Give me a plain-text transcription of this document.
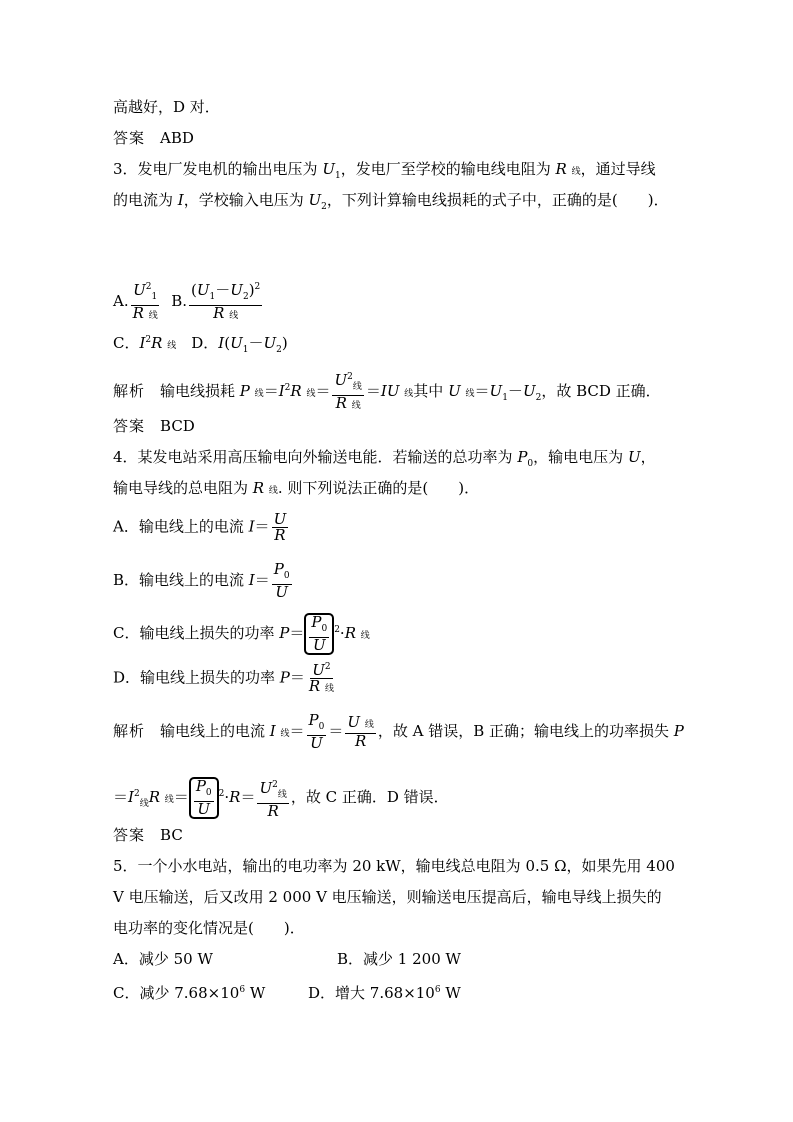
高越好，D 对．
答案　ABD
3．发电厂发电机的输出电压为 $U_1$，发电厂至学校的输电线电阻为 R 线，通过导线
的电流为 I，学校输入电压为 $U_2$，下列计算输电线损耗的式子中，正确的是(　　)．
A. $\frac{U^2_1}{\text{R 线}} B$. $\frac{(U_1-U_2)^2}{\text{R 线}}$
C．$I^2R$ 线　D．$I(U_1-U_2)$
解析　输电线损耗 P 线$=I^2R$ 线＝ $\frac{U^2_线}{\text{R 线}} =IU$ 线其中 U 线$=U_1-U_2$，故 BCD 正确．
答案　BCD
4．某发电站采用高压输电向外输送电能．若输送的总功率为 $P_0$，输电电压为 U，
输电导线的总电阻为 R 线. 则下列说法正确的是(　　)．
A．输电线上的电流 $I= \frac{U}{R}$
B．输电线上的电流 $I= \frac{P_0}{U}$
C．输电线上损失的功率 $P= \frac{P_0}{U} ^2\cdot R$ 线
D．输电线上损失的功率 $P= \frac{U^2}{\text{R 线}}$
解析　输电线上的电流 I 线＝ $\frac{P_0}{U} = \frac{\text{U 线}}{R}$ ，故 A 错误，B 正确；输电线上的功率损失 P
$=I^2_线R$ 线＝ $\frac{P_0}{U} ^2\cdot R= \frac{U^2_线}{R}$ ，故 C 正确．D 错误．
答案　BC
5．一个小水电站，输出的电功率为 20 kW，输电线总电阻为 0.5 Ω，如果先用 400
V 电压输送，后又改用 2 000 V 电压输送，则输送电压提高后，输电导线上损失的
电功率的变化情况是(　　)．
A．减少 50 W	B．减少 1 200 W
C．减少 $7.68\times 10^6$ W	D．增大 $7.68\times 10^6$ W
